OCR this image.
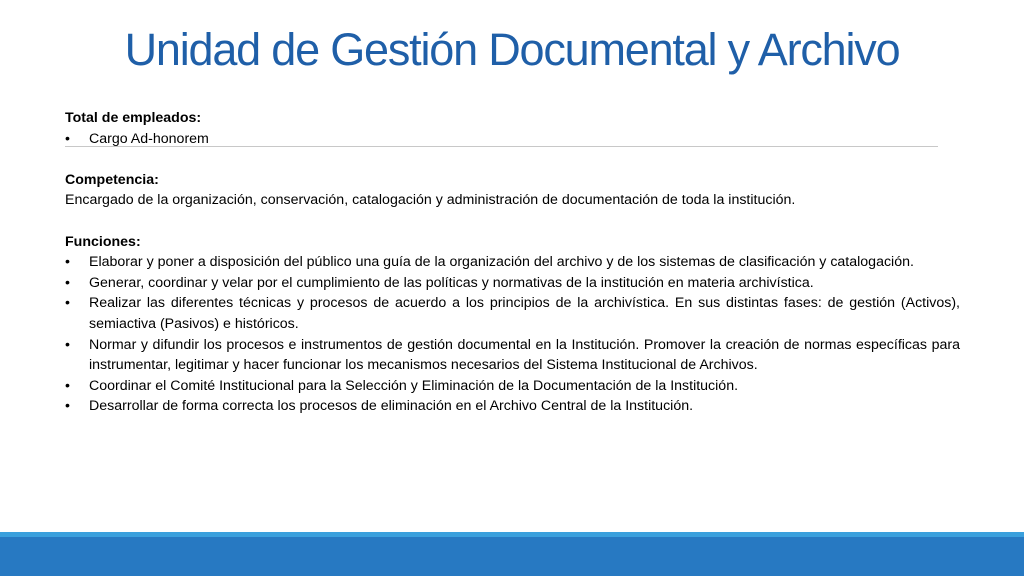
Unidad de Gestión Documental y Archivo
Total de empleados:
• Cargo Ad-honorem
Competencia:
Encargado de la organización, conservación, catalogación y administración de documentación de toda la institución.
Funciones:
• Elaborar y poner a disposición del público una guía de la organización del archivo y de los sistemas de clasificación y catalogación.
• Generar, coordinar y velar por el cumplimiento de las políticas y normativas de la institución en materia archivística.
• Realizar las diferentes técnicas y procesos de acuerdo a los principios de la archivística. En sus distintas fases: de gestión (Activos), semiactiva (Pasivos) e históricos.
• Normar y difundir los procesos e instrumentos de gestión documental en la Institución. Promover la creación de normas específicas para instrumentar, legitimar y hacer funcionar los mecanismos necesarios del Sistema Institucional de Archivos.
• Coordinar el Comité Institucional para la Selección y Eliminación de la Documentación de la Institución.
• Desarrollar de forma correcta los procesos de eliminación en el Archivo Central de la Institución.
